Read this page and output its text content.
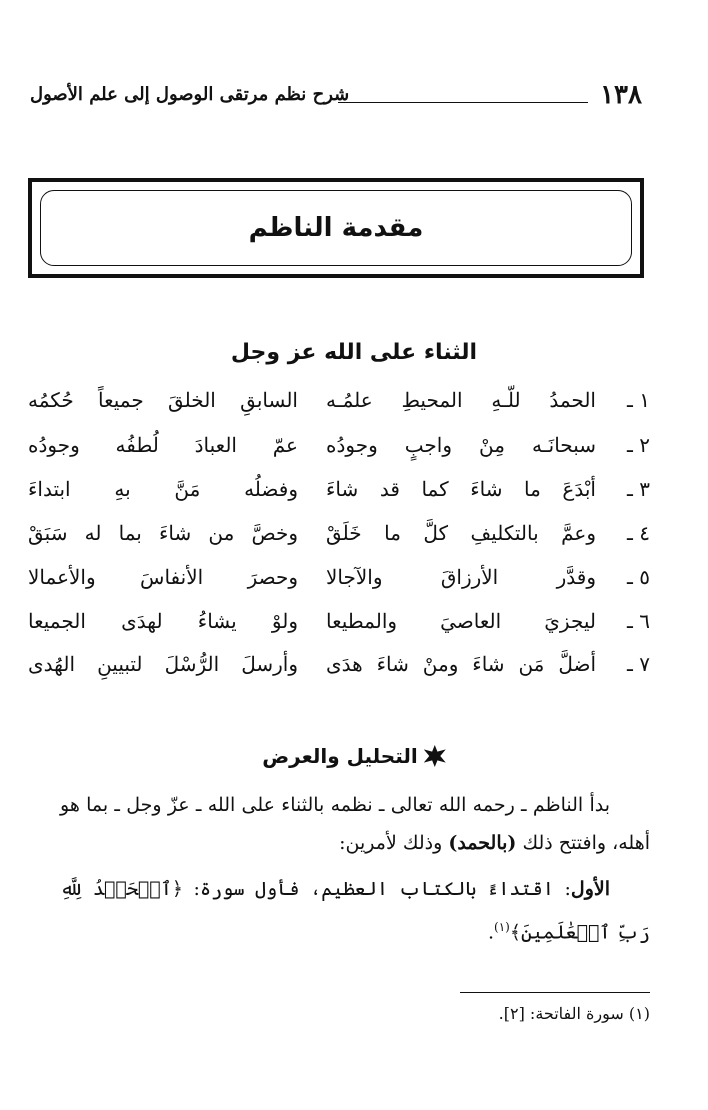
١٣٨
شرح نظم مرتقى الوصول إلى علم الأصول
مقدمة الناظم
الثناء على الله عز وجل
١ ـ
الحمدُ للّـهِ المحيطِ علمُـه
السابقِ الخلقَ جميعاً حُكمُه
٢ ـ
سبحانَـه مِنْ واجبٍ وجودُه
عمّ العبادَ لُطفُه وجودُه
٣ ـ
أبْدَعَ ما شاءَ كما قد شاءَ
وفضلُه مَنَّ بهِ ابتداءَ
٤ ـ
وعمَّ بالتكليفِ كلَّ ما خَلَقْ
وخصَّ من شاءَ بما له سَبَقْ
٥ ـ
وقدَّر الأرزاقَ والآجالا
وحصرَ الأنفاسَ والأعمالا
٦ ـ
ليجزيَ العاصيَ والمطيعا
ولوْ يشاءُ لهدَى الجميعا
٧ ـ
أضلَّ مَن شاءَ ومنْ شاءَ هدَى
وأرسلَ الرُّسْلَ لتبيينِ الهُدى
التحليل والعرض
بدأ الناظم ـ رحمه الله تعالى ـ نظمه بالثناء على الله ـ عزّ وجل ـ بما هو أهله، وافتتح ذلك (بالحمد) وذلك لأمرين:
الأول: اقتداءً بالكتاب العظيم، فأول سورة: ﴿ٱلۡحَمۡدُ لِلَّهِ رَبِّ ٱلۡعَٰلَمِينَ﴾$^{(١)}$.
(١) سورة الفاتحة: [٢].
